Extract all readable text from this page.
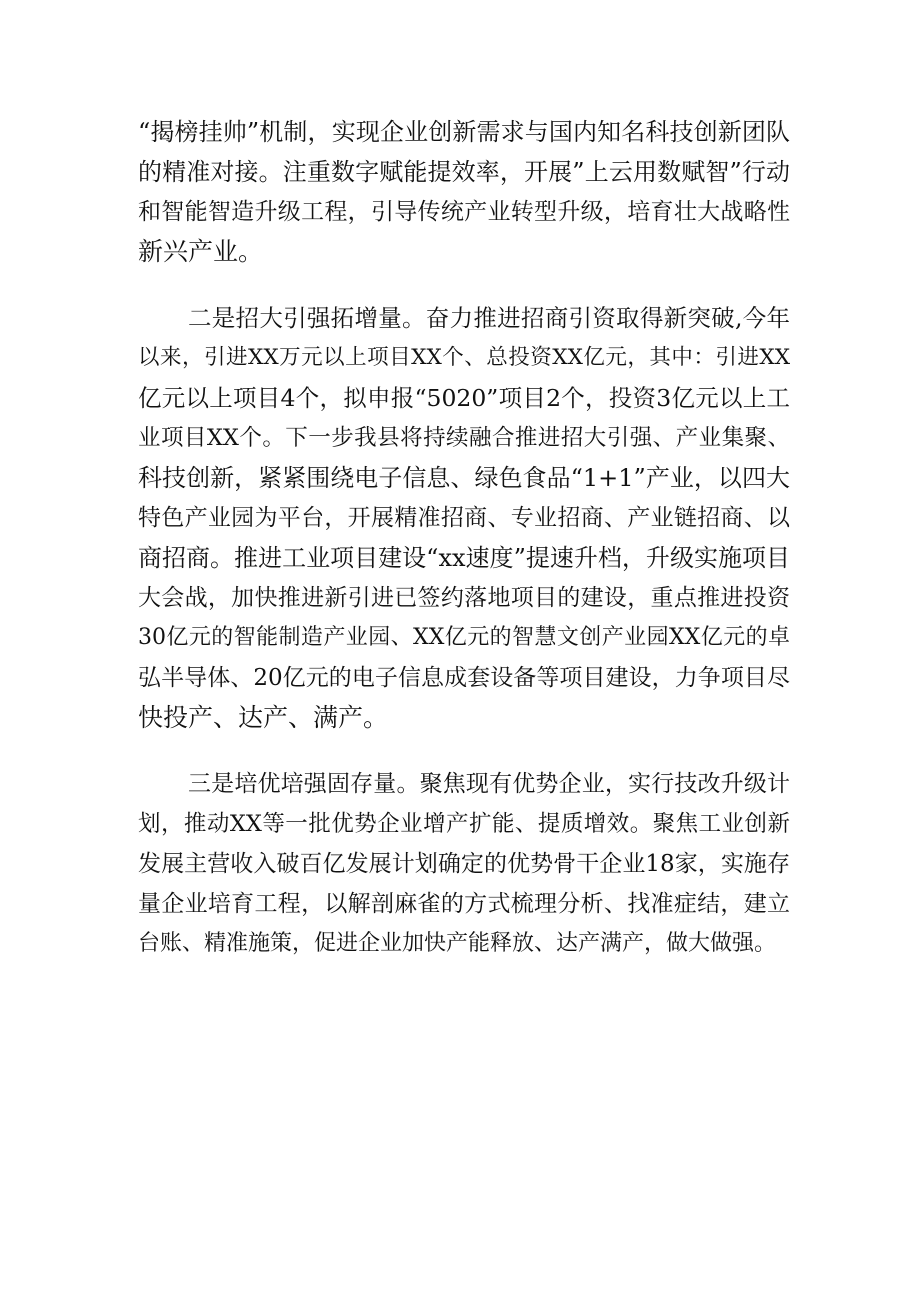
“揭榜挂帅”机制，实现企业创新需求与国内知名科技创新团队
的精准对接。注重数字赋能提效率，开展”上云用数赋智”行动
和智能智造升级工程，引导传统产业转型升级，培育壮大战略性
新兴产业。
二是招大引强拓增量。奋力推进招商引资取得新突破,今年
以来，引进XX万元以上项目XX个、总投资XX亿元，其中：引进XX
亿元以上项目4个，拟申报“5020”项目2个，投资3亿元以上工
业项目XX个。下一步我县将持续融合推进招大引强、产业集聚、
科技创新，紧紧围绕电子信息、绿色食品“1+1”产业，以四大
特色产业园为平台，开展精准招商、专业招商、产业链招商、以
商招商。推进工业项目建设“xx速度”提速升档，升级实施项目
大会战，加快推进新引进已签约落地项目的建设，重点推进投资
30亿元的智能制造产业园、XX亿元的智慧文创产业园XX亿元的卓
弘半导体、20亿元的电子信息成套设备等项目建设，力争项目尽
快投产、达产、满产。
三是培优培强固存量。聚焦现有优势企业，实行技改升级计
划，推动XX等一批优势企业增产扩能、提质增效。聚焦工业创新
发展主营收入破百亿发展计划确定的优势骨干企业18家，实施存
量企业培育工程，以解剖麻雀的方式梳理分析、找准症结，建立
台账、精准施策，促进企业加快产能释放、达产满产，做大做强。
